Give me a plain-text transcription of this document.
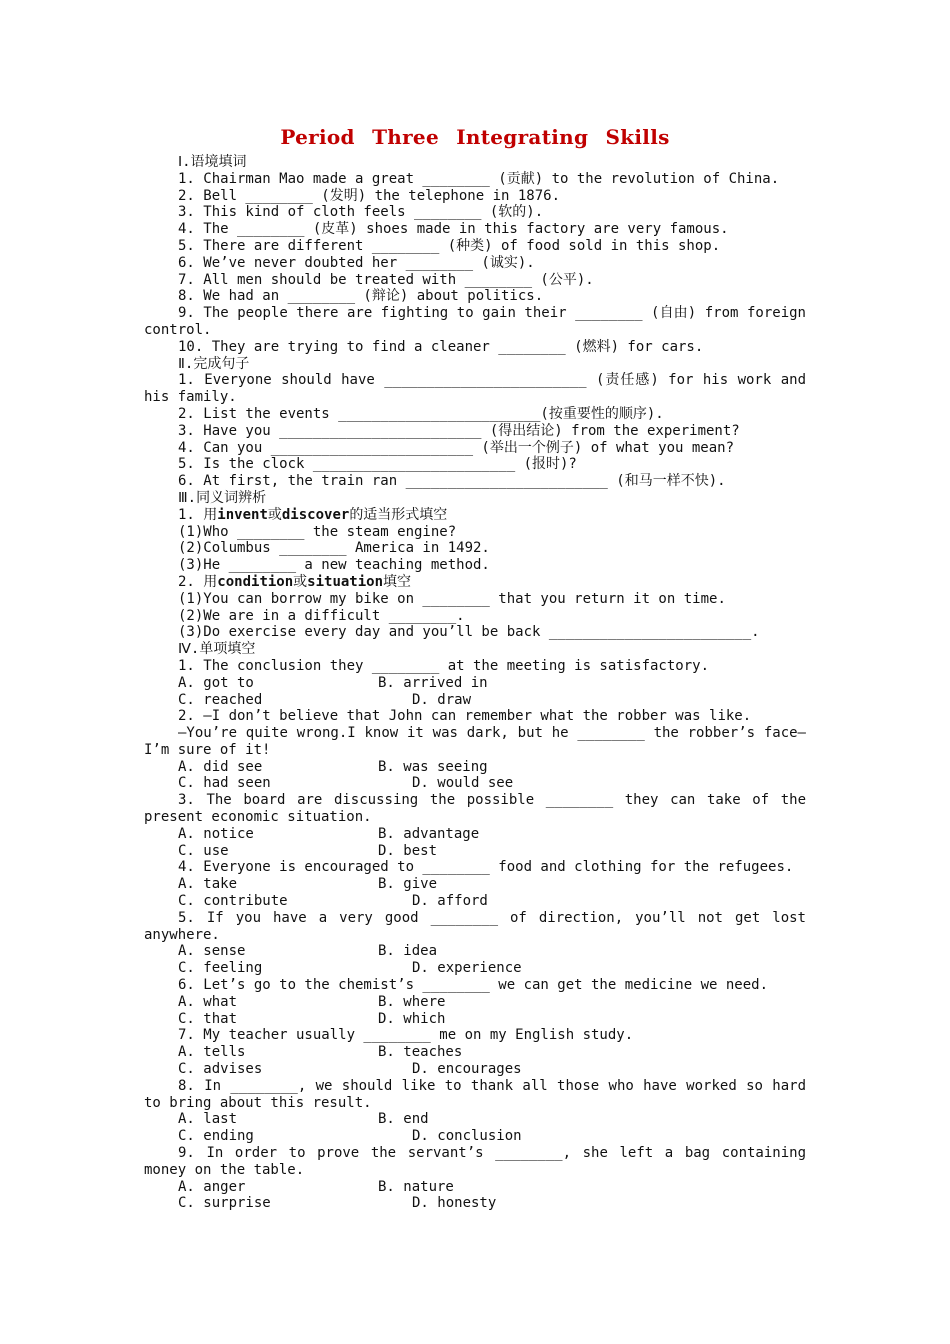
Period Three Integrating Skills
Ⅰ.语境填词
1. Chairman Mao made a great ________ (贡献) to the revolution of China.
2. Bell ________ (发明) the telephone in 1876.
3. This kind of cloth feels ________ (软的).
4. The ________ (皮革) shoes made in this factory are very famous.
5. There are different ________ (种类) of food sold in this shop.
6. We’ve never doubted her ________ (诚实).
7. All men should be treated with ________ (公平).
8. We had an ________ (辩论) about politics.
9. The people there are fighting to gain their ________ (自由) from foreign control.
10. They are trying to find a cleaner ________ (燃料) for cars.
Ⅱ.完成句子
1. Everyone should have ________________________ (责任感) for his work and his family.
2. List the events ________________________(按重要性的顺序).
3. Have you ________________________ (得出结论) from the experiment?
4. Can you ________________________ (举出一个例子) of what you mean?
5. Is the clock ________________________ (报时)?
6. At first, the train ran ________________________ (和马一样不快).
Ⅲ.同义词辨析
1. 用invent或discover的适当形式填空
(1)Who ________ the steam engine?
(2)Columbus ________ America in 1492.
(3)He ________ a new teaching method.
2. 用condition或situation填空
(1)You can borrow my bike on ________ that you return it on time.
(2)We are in a difficult ________.
(3)Do exercise every day and you’ll be back ________________________.
Ⅳ.单项填空
1. The conclusion they ________ at the meeting is satisfactory.
A. got to	B. arrived in
C. reached	D. draw
2. —I don’t believe that John can remember what the robber was like.
—You’re quite wrong.I know it was dark, but he ________ the robber’s face—I’m sure of it!
A. did see	B. was seeing
C. had seen	D. would see
3. The board are discussing the possible ________ they can take of the present economic situation.
A. notice	B. advantage
C. use	D. best
4. Everyone is encouraged to ________ food and clothing for the refugees.
A. take	B. give
C. contribute	D. afford
5. If you have a very good ________ of direction, you’ll not get lost anywhere.
A. sense	B. idea
C. feeling	D. experience
6. Let’s go to the chemist’s ________ we can get the medicine we need.
A. what	B. where
C. that	D. which
7. My teacher usually ________ me on my English study.
A. tells	B. teaches
C. advises	D. encourages
8. In ________, we should like to thank all those who have worked so hard to bring about this result.
A. last	B. end
C. ending	D. conclusion
9. In order to prove the servant’s ________, she left a bag containing money on the table.
A. anger	B. nature
C. surprise	D. honesty
